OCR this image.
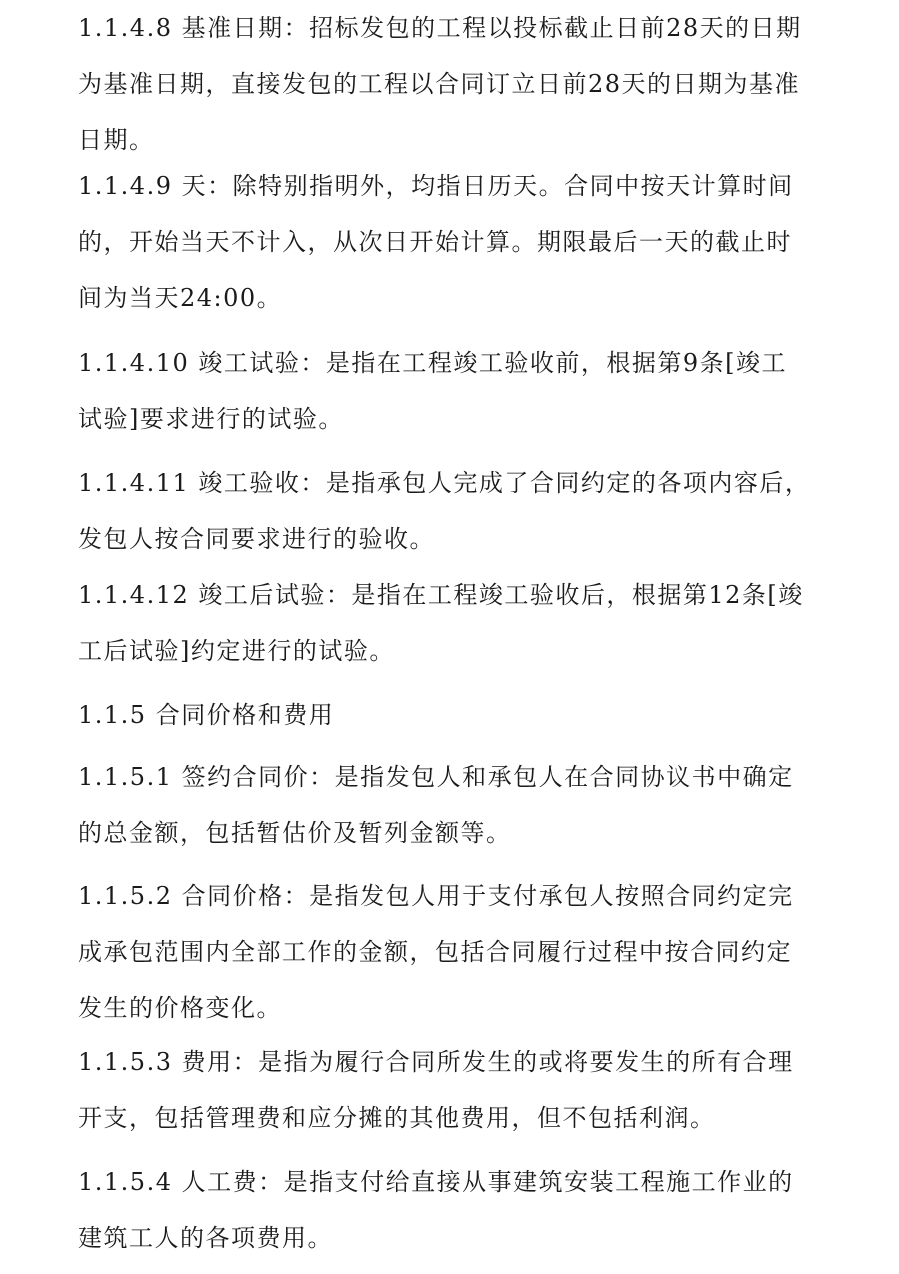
1.1.4.8 基准日期：招标发包的工程以投标截止日前28天的日期
为基准日期，直接发包的工程以合同订立日前28天的日期为基准
日期。
1.1.4.9 天：除特别指明外，均指日历天。合同中按天计算时间
的，开始当天不计入，从次日开始计算。期限最后一天的截止时
间为当天24:00。
1.1.4.10 竣工试验：是指在工程竣工验收前，根据第9条[竣工
试验]要求进行的试验。
1.1.4.11 竣工验收：是指承包人完成了合同约定的各项内容后，
发包人按合同要求进行的验收。
1.1.4.12 竣工后试验：是指在工程竣工验收后，根据第12条[竣
工后试验]约定进行的试验。
1.1.5 合同价格和费用
1.1.5.1 签约合同价：是指发包人和承包人在合同协议书中确定
的总金额，包括暂估价及暂列金额等。
1.1.5.2 合同价格：是指发包人用于支付承包人按照合同约定完
成承包范围内全部工作的金额，包括合同履行过程中按合同约定
发生的价格变化。
1.1.5.3 费用：是指为履行合同所发生的或将要发生的所有合理
开支，包括管理费和应分摊的其他费用，但不包括利润。
1.1.5.4 人工费：是指支付给直接从事建筑安装工程施工作业的
建筑工人的各项费用。
